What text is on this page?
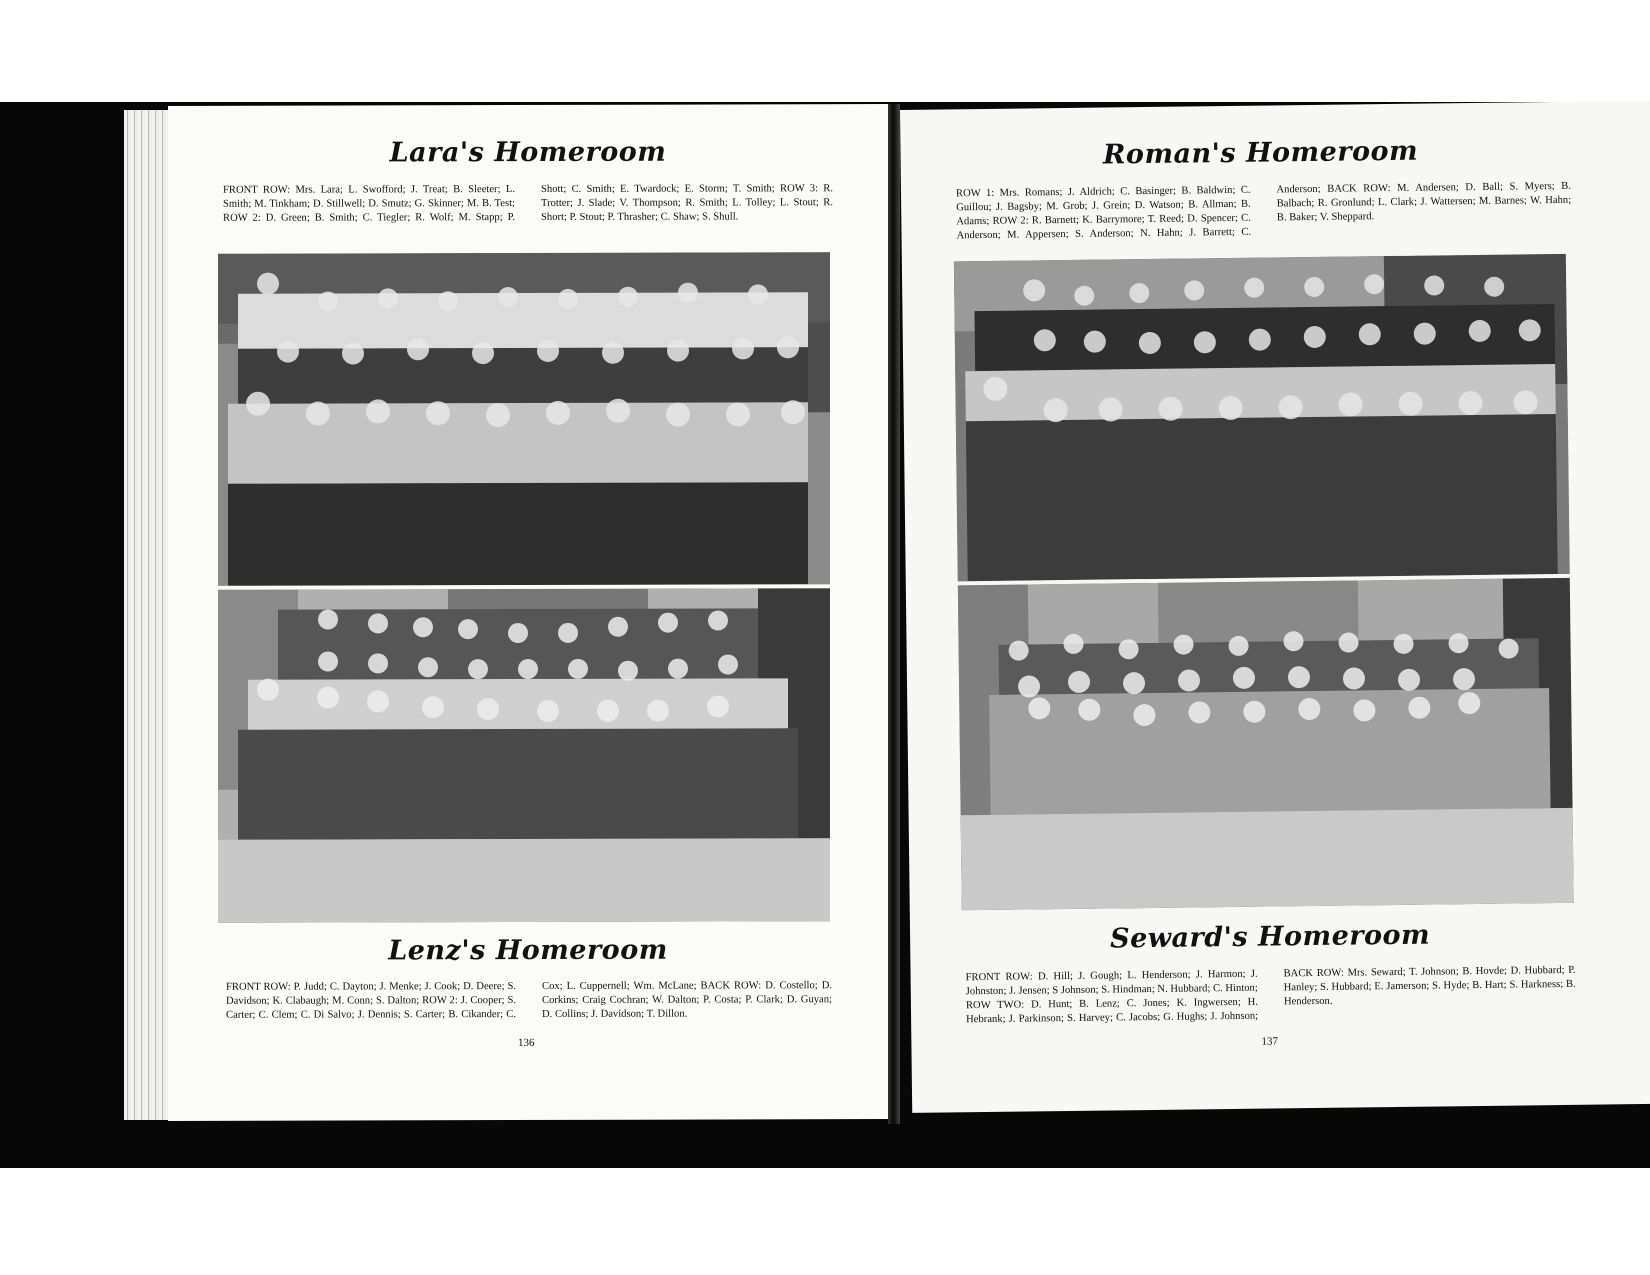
Lara's Homeroom
FRONT ROW: Mrs. Lara; L. Swofford; J. Treat; B. Sleeter; L. Smith; M. Tinkham; D. Stillwell; D. Smutz; G. Skinner; M. B. Test; ROW 2: D. Green; B. Smith; C. Tiegler; R. Wolf; M. Stapp; P. Shott; C. Smith; E. Twardock; E. Storm; T. Smith; ROW 3: R. Trotter; J. Slade; V. Thompson; R. Smith; L. Tolley; L. Stout; R. Short; P. Stout; P. Thrasher; C. Shaw; S. Shull.
Lenz's Homeroom
FRONT ROW: P. Judd; C. Dayton; J. Menke; J. Cook; D. Deere; S. Davidson; K. Clabaugh; M. Conn; S. Dalton; ROW 2: J. Cooper; S. Carter; C. Clem; C. Di Salvo; J. Dennis; S. Carter; B. Cikander; C. Cox; L. Cuppernell; Wm. McLane; BACK ROW: D. Costello; D. Corkins; Craig Cochran; W. Dalton; P. Costa; P. Clark; D. Guyan; D. Collins; J. Davidson; T. Dillon.
136
Roman's Homeroom
ROW 1: Mrs. Romans; J. Aldrich; C. Basinger; B. Baldwin; C. Guillou; J. Bagsby; M. Grob; J. Grein; D. Watson; B. Allman; B. Adams; ROW 2: R. Barnett; K. Barrymore; T. Reed; D. Spencer; C. Anderson; M. Appersen; S. Anderson; N. Hahn; J. Barrett; C. Anderson; BACK ROW: M. Andersen; D. Ball; S. Myers; B. Balbach; R. Gronlund; L. Clark; J. Wattersen; M. Barnes; W. Hahn; B. Baker; V. Sheppard.
Seward's Homeroom
FRONT ROW: D. Hill; J. Gough; L. Henderson; J. Harmon; J. Johnston; J. Jensen; S Johnson; S. Hindman; N. Hubbard; C. Hinton; ROW TWO: D. Hunt; B. Lenz; C. Jones; K. Ingwersen; H. Hebrank; J. Parkinson; S. Harvey; C. Jacobs; G. Hughs; J. Johnson; BACK ROW: Mrs. Seward; T. Johnson; B. Hovde; D. Hubbard; P. Hanley; S. Hubbard; E. Jamerson; S. Hyde; B. Hart; S. Harkness; B. Henderson.
137
